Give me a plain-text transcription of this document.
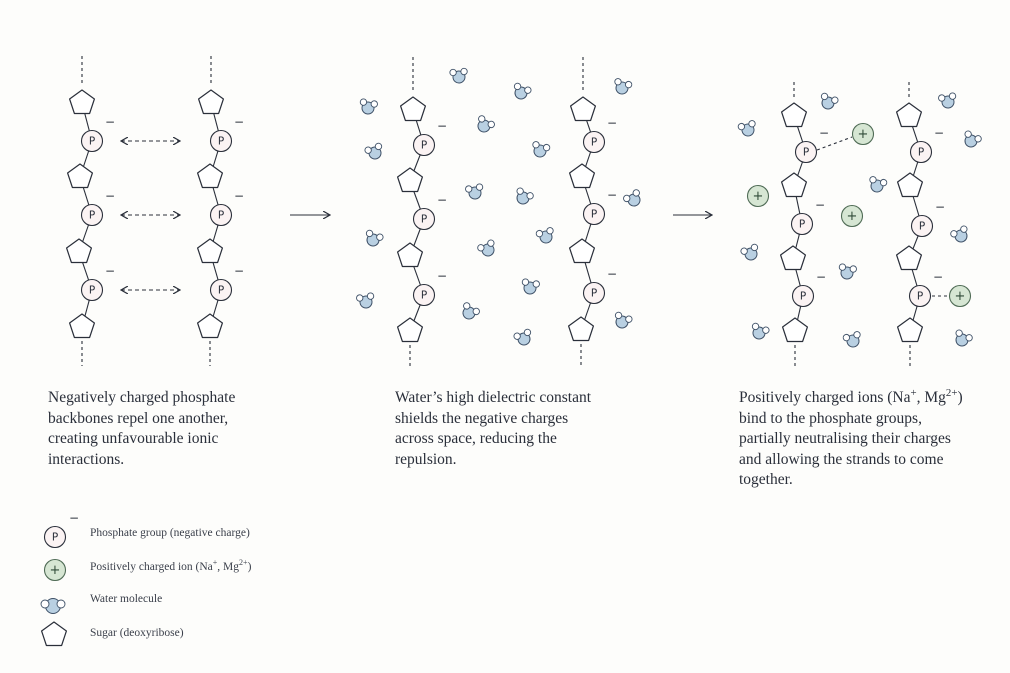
P
−
P
−
P
−
P
−
P
−
P
−
P
−
P
−
P
−
P
−
P
−
P
−
P
−
P
−
P
−
P
−
P
−
P
−
+
+
+
+
P
−
+
Negatively charged phosphate
backbones repel one another,
creating unfavourable ionic
interactions.
Water’s high dielectric constant
shields the negative charges
across space, reducing the
repulsion.
Positively charged ions (Na+, $Mg^{2+}$)
bind to the phosphate groups,
partially neutralising their charges
and allowing the strands to come
together.
Phosphate group (negative charge)
Positively charged ion (Na+, $Mg^{2+}$)
Water molecule
Sugar (deoxyribose)
